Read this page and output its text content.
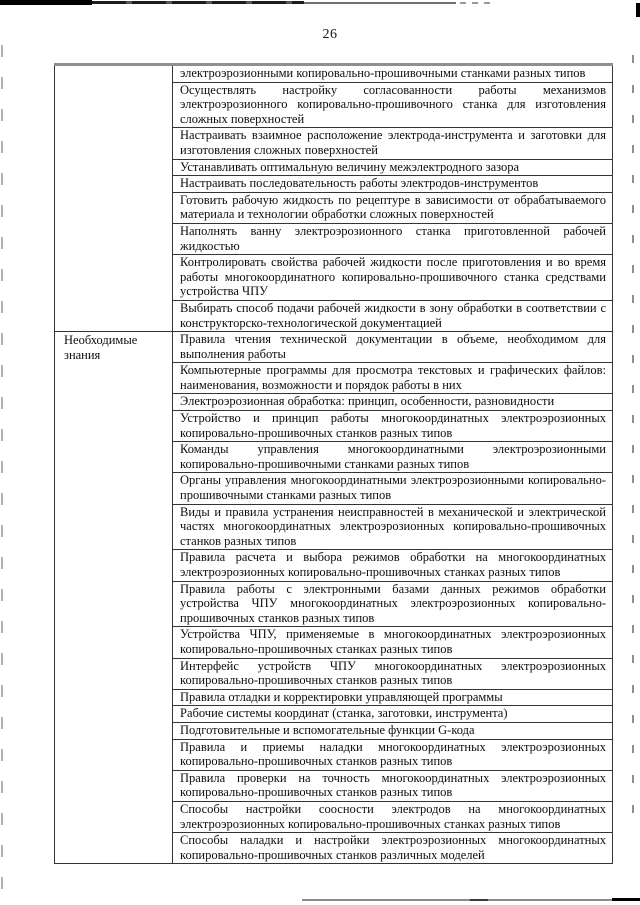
26
	электроэрозионными копировально-прошивочными станками разных типов
	Осуществлять настройку согласованности работы механизмов электроэрозионного копировально-прошивочного станка для изготовления сложных поверхностей
	Настраивать взаимное расположение электрода-инструмента и заготовки для изготовления сложных поверхностей
	Устанавливать оптимальную величину межэлектродного зазора
	Настраивать последовательность работы электродов-инструментов
	Готовить рабочую жидкость по рецептуре в зависимости от обрабатываемого материала и технологии обработки сложных поверхностей
	Наполнять ванну электроэрозионного станка приготовленной рабочей жидкостью
	Контролировать свойства рабочей жидкости после приготовления и во время работы многокоординатного копировально-прошивочного станка средствами устройства ЧПУ
	Выбирать способ подачи рабочей жидкости в зону обработки в соответствии с конструкторско-технологической документацией
Необходимые знания	Правила чтения технической документации в объеме, необходимом для выполнения работы
	Компьютерные программы для просмотра текстовых и графических файлов: наименования, возможности и порядок работы в них
	Электроэрозионная обработка: принцип, особенности, разновидности
	Устройство и принцип работы многокоординатных электроэрозионных копировально-прошивочных станков разных типов
	Команды управления многокоординатными электроэрозионными копировально-прошивочными станками разных типов
	Органы управления многокоординатными электроэрозионными копировально-прошивочными станками разных типов
	Виды и правила устранения неисправностей в механической и электрической частях многокоординатных электроэрозионных копировально-прошивочных станков разных типов
	Правила расчета и выбора режимов обработки на многокоординатных электроэрозионных копировально-прошивочных станках разных типов
	Правила работы с электронными базами данных режимов обработки устройства ЧПУ многокоординатных электроэрозионных копировально-прошивочных станков разных типов
	Устройства ЧПУ, применяемые в многокоординатных электроэрозионных копировально-прошивочных станках разных типов
	Интерфейс устройств ЧПУ многокоординатных электроэрозионных копировально-прошивочных станков разных типов
	Правила отладки и корректировки управляющей программы
	Рабочие системы координат (станка, заготовки, инструмента)
	Подготовительные и вспомогательные функции G-кода
	Правила и приемы наладки многокоординатных электроэрозионных копировально-прошивочных станков разных типов
	Правила проверки на точность многокоординатных электроэрозионных копировально-прошивочных станков разных типов
	Способы настройки соосности электродов на многокоординатных электроэрозионных копировально-прошивочных станках разных типов
	Способы наладки и настройки электроэрозионных многокоординатных копировально-прошивочных станков различных моделей
